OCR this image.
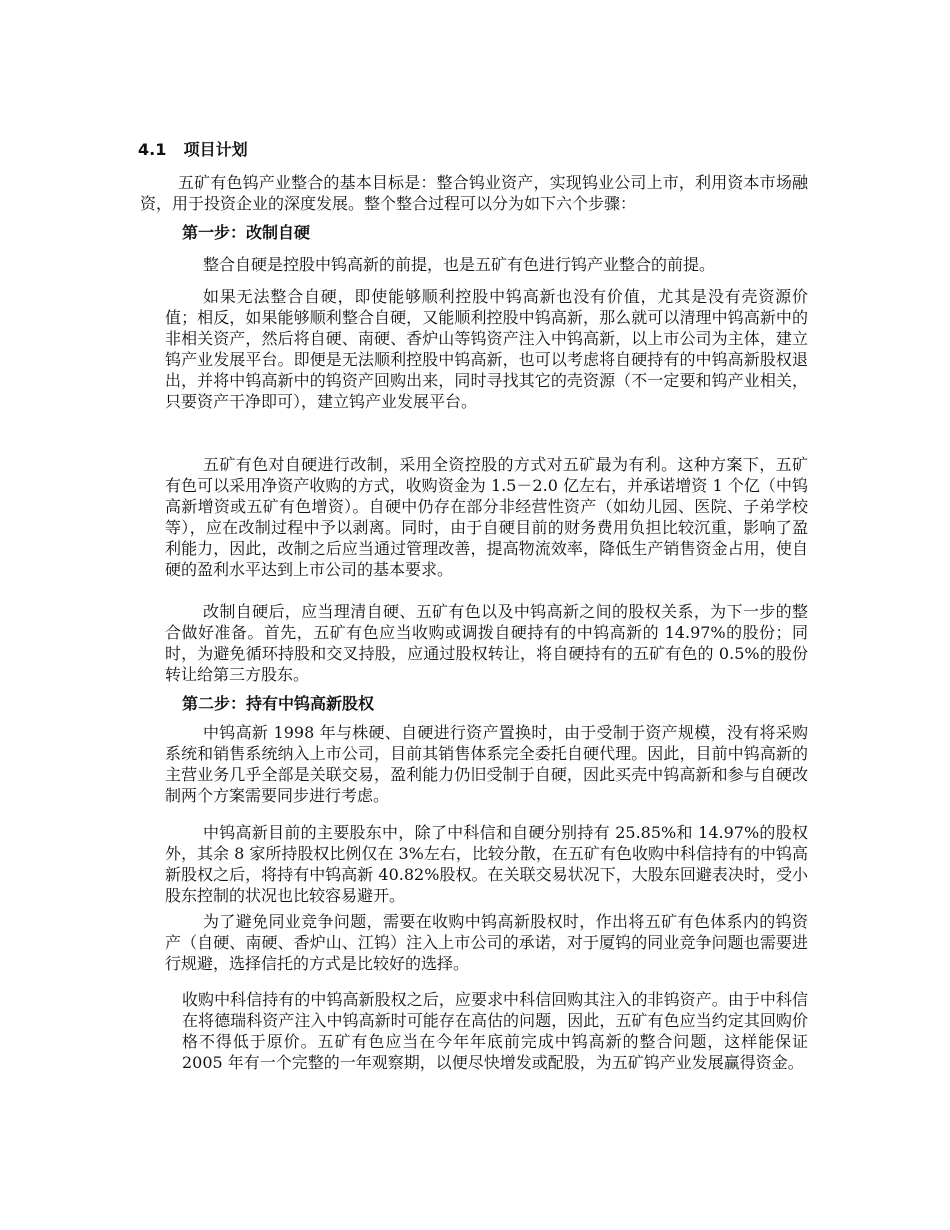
4.1 项目计划

五矿有色钨产业整合的基本目标是：整合钨业资产，实现钨业公司上市，利用资本市场融资，用于投资企业的深度发展。整个整合过程可以分为如下六个步骤：

第一步：改制自硬

整合自硬是控股中钨高新的前提，也是五矿有色进行钨产业整合的前提。

如果无法整合自硬，即使能够顺利控股中钨高新也没有价值，尤其是没有壳资源价值；相反，如果能够顺利整合自硬，又能顺利控股中钨高新，那么就可以清理中钨高新中的非相关资产，然后将自硬、南硬、香炉山等钨资产注入中钨高新，以上市公司为主体，建立钨产业发展平台。即便是无法顺利控股中钨高新，也可以考虑将自硬持有的中钨高新股权退出，并将中钨高新中的钨资产回购出来，同时寻找其它的壳资源（不一定要和钨产业相关，只要资产干净即可），建立钨产业发展平台。

五矿有色对自硬进行改制，采用全资控股的方式对五矿最为有利。这种方案下，五矿有色可以采用净资产收购的方式，收购资金为 1.5－2.0 亿左右，并承诺增资 1 个亿（中钨高新增资或五矿有色增资）。自硬中仍存在部分非经营性资产（如幼儿园、医院、子弟学校等），应在改制过程中予以剥离。同时，由于自硬目前的财务费用负担比较沉重，影响了盈利能力，因此，改制之后应当通过管理改善，提高物流效率，降低生产销售资金占用，使自硬的盈利水平达到上市公司的基本要求。

改制自硬后，应当理清自硬、五矿有色以及中钨高新之间的股权关系，为下一步的整合做好准备。首先，五矿有色应当收购或调拨自硬持有的中钨高新的 14.97%的股份；同时，为避免循环持股和交叉持股，应通过股权转让，将自硬持有的五矿有色的 0.5%的股份转让给第三方股东。

第二步：持有中钨高新股权

中钨高新 1998 年与株硬、自硬进行资产置换时，由于受制于资产规模，没有将采购系统和销售系统纳入上市公司，目前其销售体系完全委托自硬代理。因此，目前中钨高新的主营业务几乎全部是关联交易，盈利能力仍旧受制于自硬，因此买壳中钨高新和参与自硬改制两个方案需要同步进行考虑。

中钨高新目前的主要股东中，除了中科信和自硬分别持有 25.85%和 14.97%的股权外，其余 8 家所持股权比例仅在 3%左右，比较分散，在五矿有色收购中科信持有的中钨高新股权之后，将持有中钨高新 40.82%股权。在关联交易状况下，大股东回避表决时，受小股东控制的状况也比较容易避开。

为了避免同业竞争问题，需要在收购中钨高新股权时，作出将五矿有色体系内的钨资产（自硬、南硬、香炉山、江钨）注入上市公司的承诺，对于厦钨的同业竞争问题也需要进行规避，选择信托的方式是比较好的选择。

收购中科信持有的中钨高新股权之后，应要求中科信回购其注入的非钨资产。由于中科信在将德瑞科资产注入中钨高新时可能存在高估的问题，因此，五矿有色应当约定其回购价格不得低于原价。五矿有色应当在今年年底前完成中钨高新的整合问题，这样能保证 2005 年有一个完整的一年观察期，以便尽快增发或配股，为五矿钨产业发展赢得资金。
